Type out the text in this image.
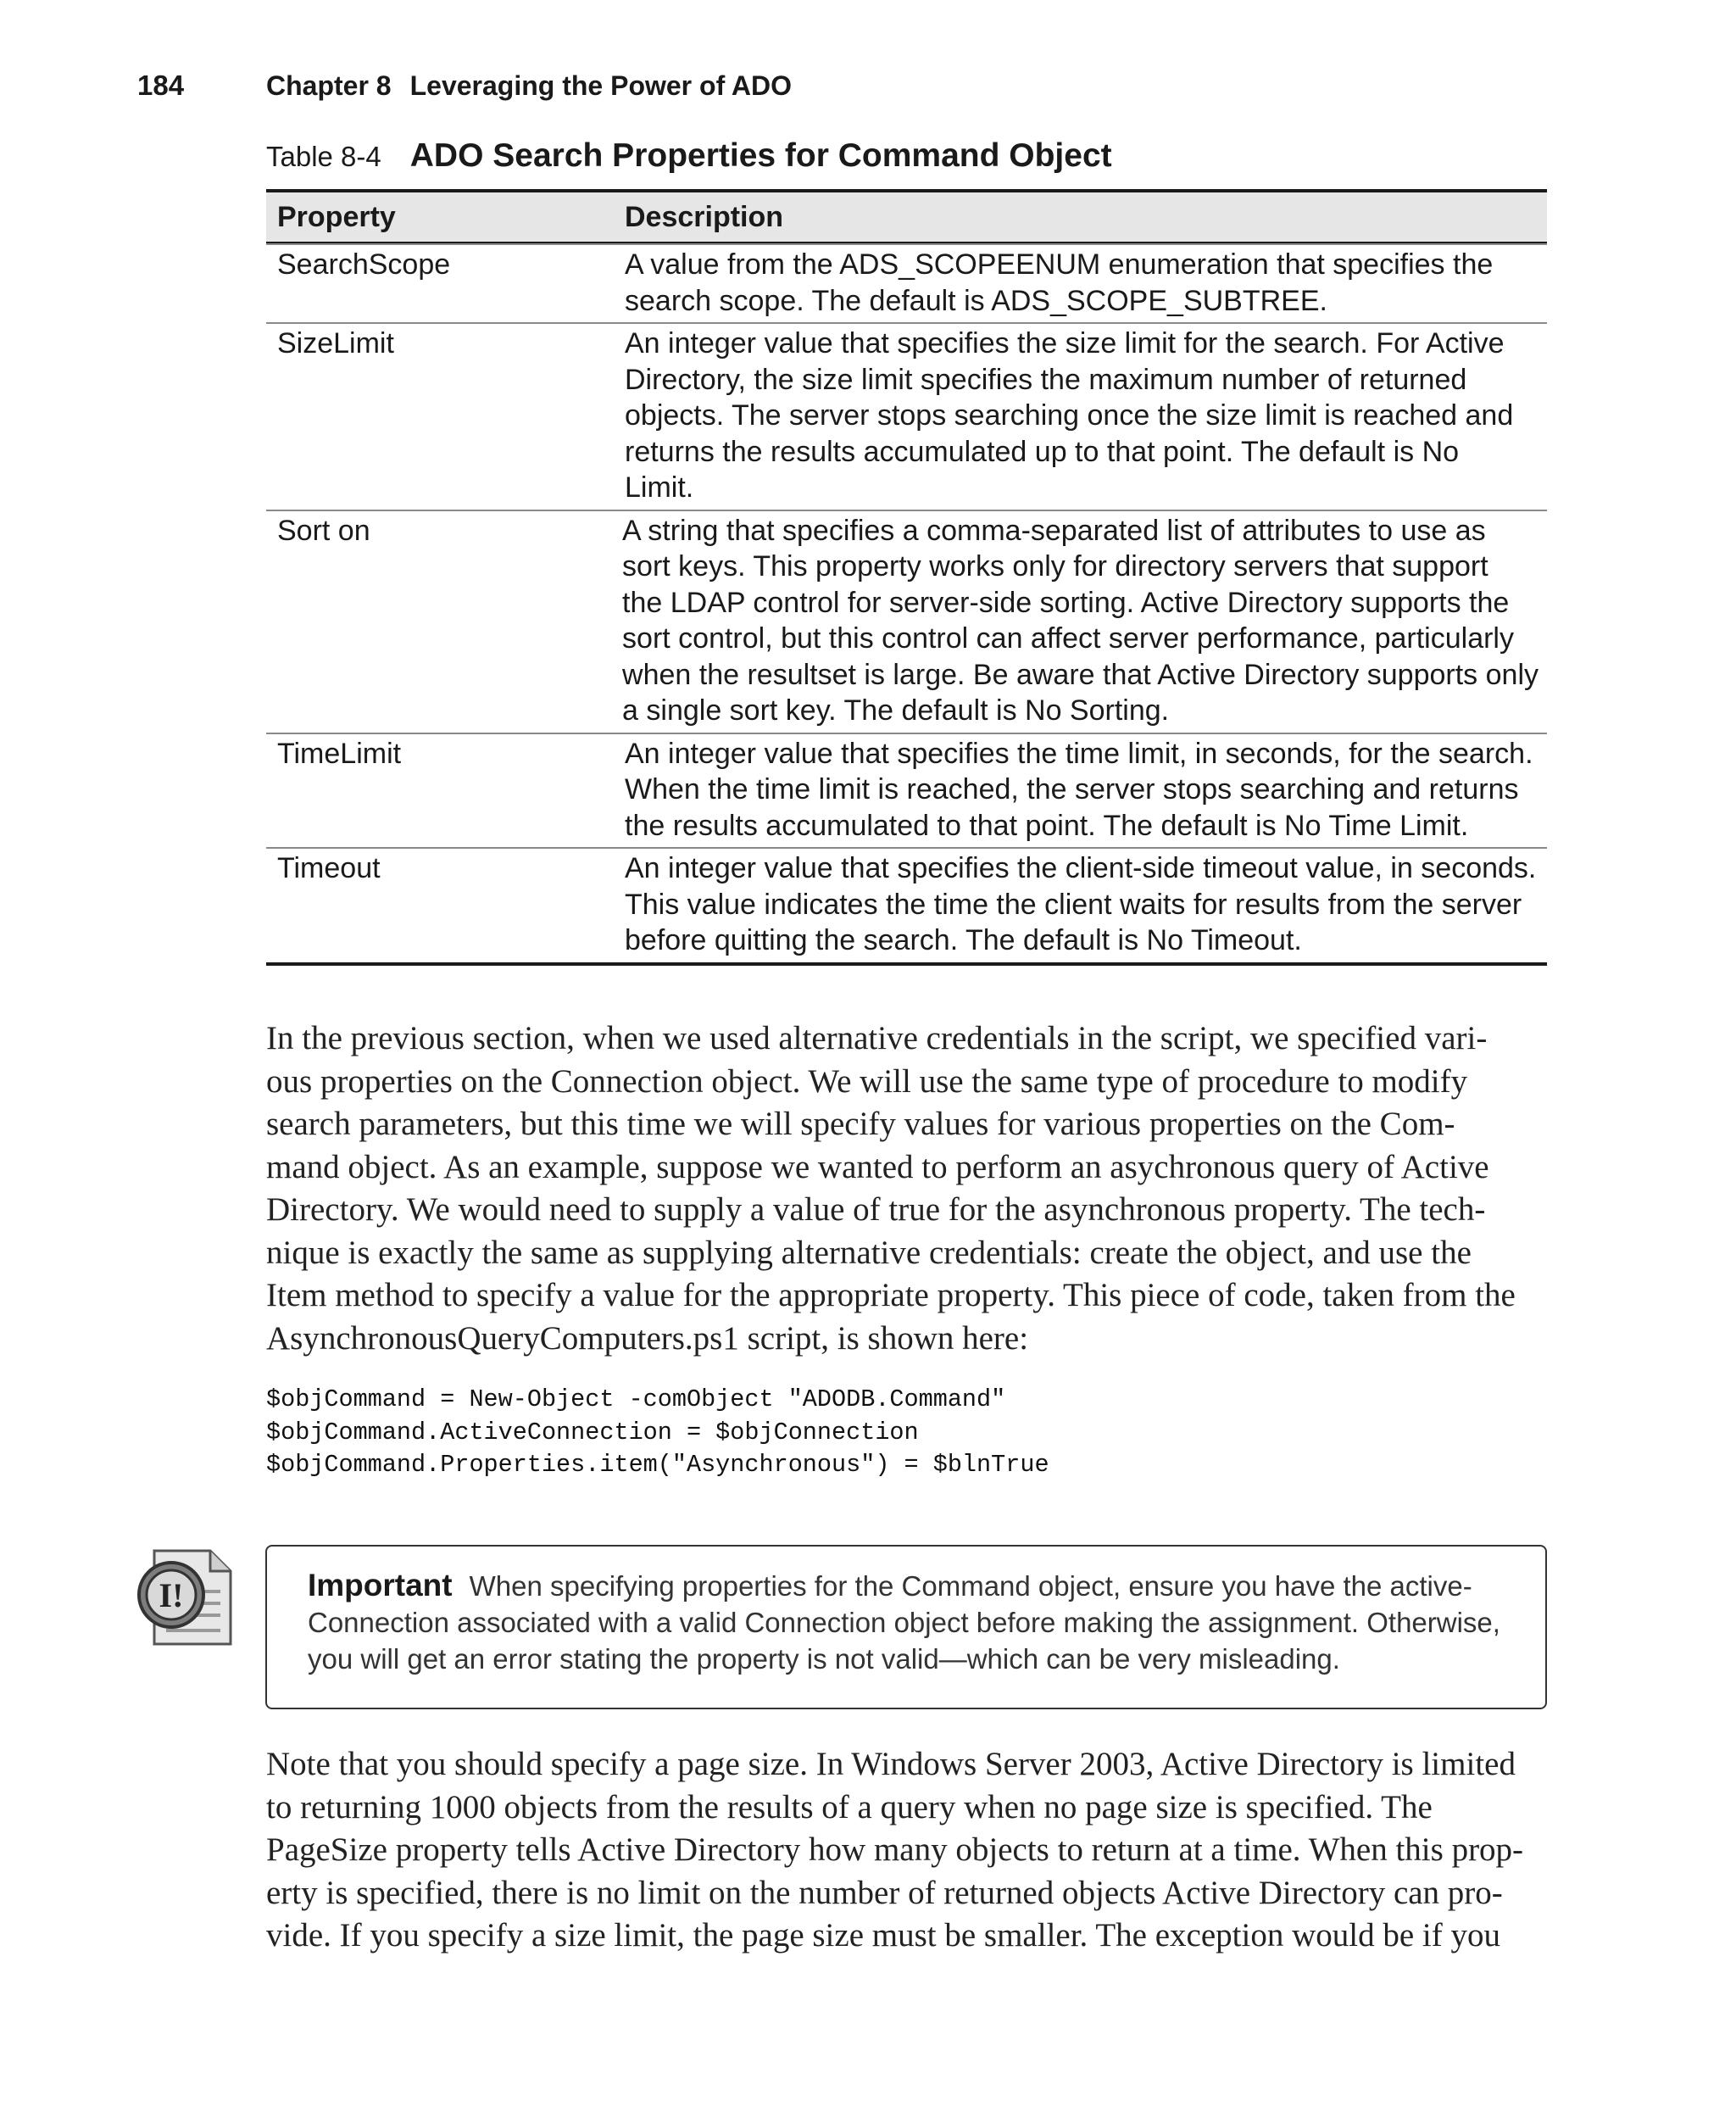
184	Chapter 8 Leveraging the Power of ADO
Table 8-4 ADO Search Properties for Command Object
Property	Description
SearchScope	A value from the ADS_SCOPEENUM enumeration that specifies the
search scope. The default is ADS_SCOPE_SUBTREE.
SizeLimit	An integer value that specifies the size limit for the search. For Active
Directory, the size limit specifies the maximum number of returned
objects. The server stops searching once the size limit is reached and
returns the results accumulated up to that point. The default is No
Limit.
Sort on	A string that specifies a comma-separated list of attributes to use as
sort keys. This property works only for directory servers that support
the LDAP control for server-side sorting. Active Directory supports the
sort control, but this control can affect server performance, particularly
when the resultset is large. Be aware that Active Directory supports only
a single sort key. The default is No Sorting.
TimeLimit	An integer value that specifies the time limit, in seconds, for the search.
When the time limit is reached, the server stops searching and returns
the results accumulated to that point. The default is No Time Limit.
Timeout	An integer value that specifies the client-side timeout value, in seconds.
This value indicates the time the client waits for results from the server
before quitting the search. The default is No Timeout.
In the previous section, when we used alternative credentials in the script, we specified vari-
ous properties on the Connection object. We will use the same type of procedure to modify
search parameters, but this time we will specify values for various properties on the Com-
mand object. As an example, suppose we wanted to perform an asychronous query of Active
Directory. We would need to supply a value of true for the asynchronous property. The tech-
nique is exactly the same as supplying alternative credentials: create the object, and use the
Item method to specify a value for the appropriate property. This piece of code, taken from the
AsynchronousQueryComputers.ps1 script, is shown here:
$objCommand = New-Object -comObject "ADODB.Command"
$objCommand.ActiveConnection = $objConnection
$objCommand.Properties.item("Asynchronous") = $blnTrue
I!	Important When specifying properties for the Command object, ensure you have the active-
Connection associated with a valid Connection object before making the assignment. Otherwise,
you will get an error stating the property is not valid—which can be very misleading.
Note that you should specify a page size. In Windows Server 2003, Active Directory is limited
to returning 1000 objects from the results of a query when no page size is specified. The
PageSize property tells Active Directory how many objects to return at a time. When this prop-
erty is specified, there is no limit on the number of returned objects Active Directory can pro-
vide. If you specify a size limit, the page size must be smaller. The exception would be if you
